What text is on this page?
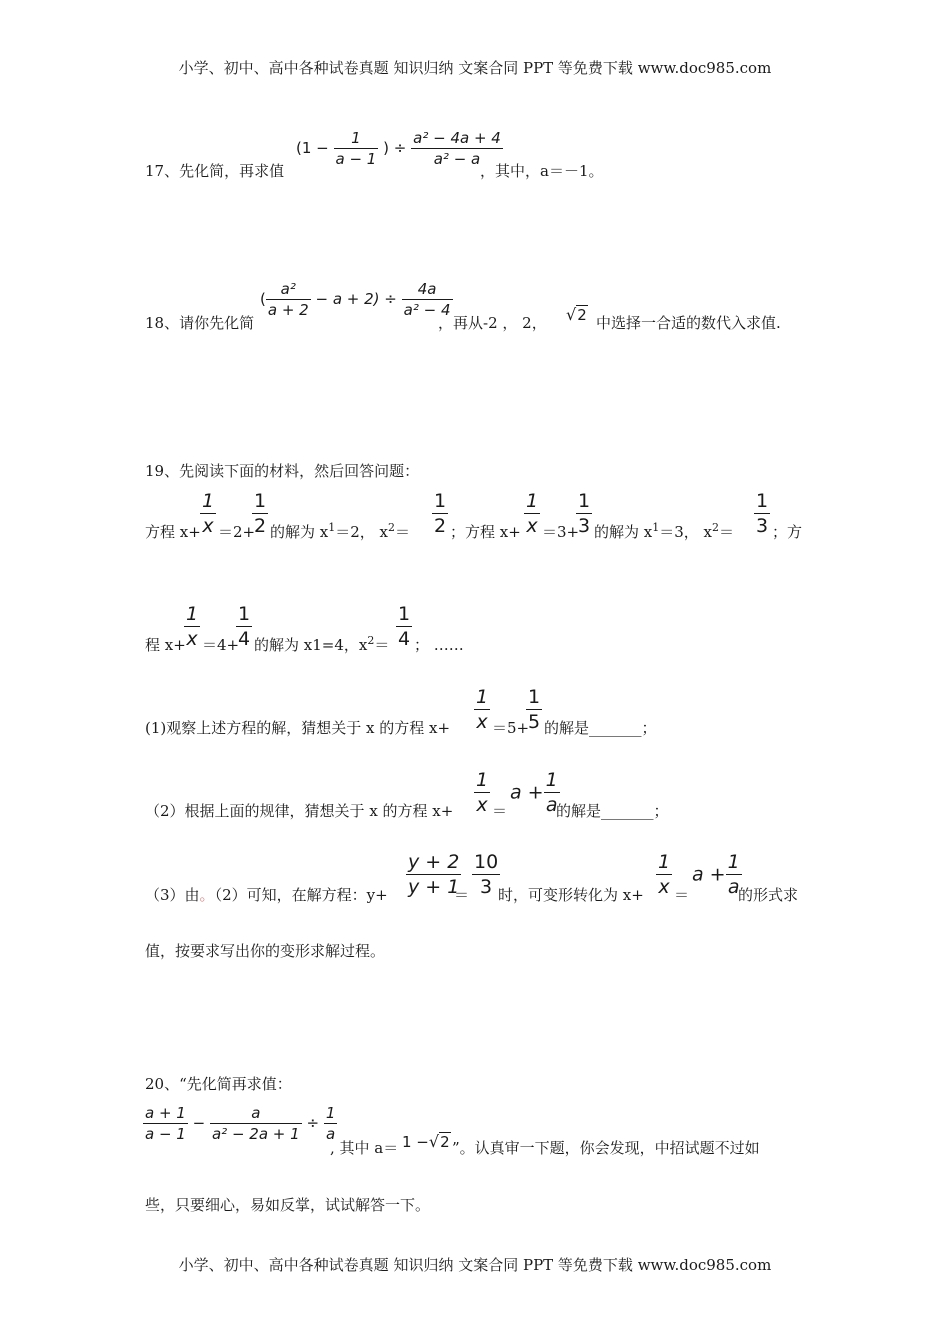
小学、初中、高中各种试卷真题 知识归纳 文案合同 PPT 等免费下载 www.doc985.com
小学、初中、高中各种试卷真题 知识归纳 文案合同 PPT 等免费下载 www.doc985.com
17、先化简，再求值
($1 - \frac{1}{a - 1}$ ) ÷ $\frac{\text{a² − 4a + 4}}{\text{a² − a}}$
，其中，a＝－1。
18、请你先化简
( $\frac{\text{a²}}{a + 2} - a + 2) \div \frac{4a}{\text{a² − 4}}$
，再从-2 ， 2， √2 中选择一合适的数代入求值.
19、先阅读下面的材料，然后回答问题：
方程 $x+ \frac{1}{x} =2+$
$\frac{1}{2}$ 的解为 $x^1=2$， $x^2= \frac{1}{2}$ ；方程 $x+ \frac{1}{x} =3+$
$\frac{1}{3}$ 的解为 $x^1=3$， $x^2= \frac{1}{3}$ ；方
程 x+
$\frac{1}{x} =4+$
$\frac{1}{4}$ 的解为 x1=4，$x^2= \frac{1}{4}$ ； ……
(1)观察上述方程的解，猜想关于 x 的方程 $x+ \frac{1}{x} =5+$
$\frac{1}{5}$ 的解是_______；
（2）根据上面的规律，猜想关于 x 的方程 $x+ \frac{1}{x}$ ＝
$a + \frac{1}{a}$
的解是_______；
（3）由。（2）可知，在解方程：$y+ \frac{y + 2}{y + 1}$
＝ $\frac{10}{3}$
时，可变形转化为 $x+ \frac{1}{x}$ ＝
$a + \frac{1}{a}$
的形式求
值，按要求写出你的变形求解过程。
20、“先化简再求值：
$\frac{a + 1}{a - 1} - \frac{a}{\text{a² − 2a + 1}} \div \frac{1}{a}$
, 其中 a＝ 1 −√2 ”。认真审一下题，你会发现，中招试题不过如
些，只要细心，易如反掌，试试解答一下。
